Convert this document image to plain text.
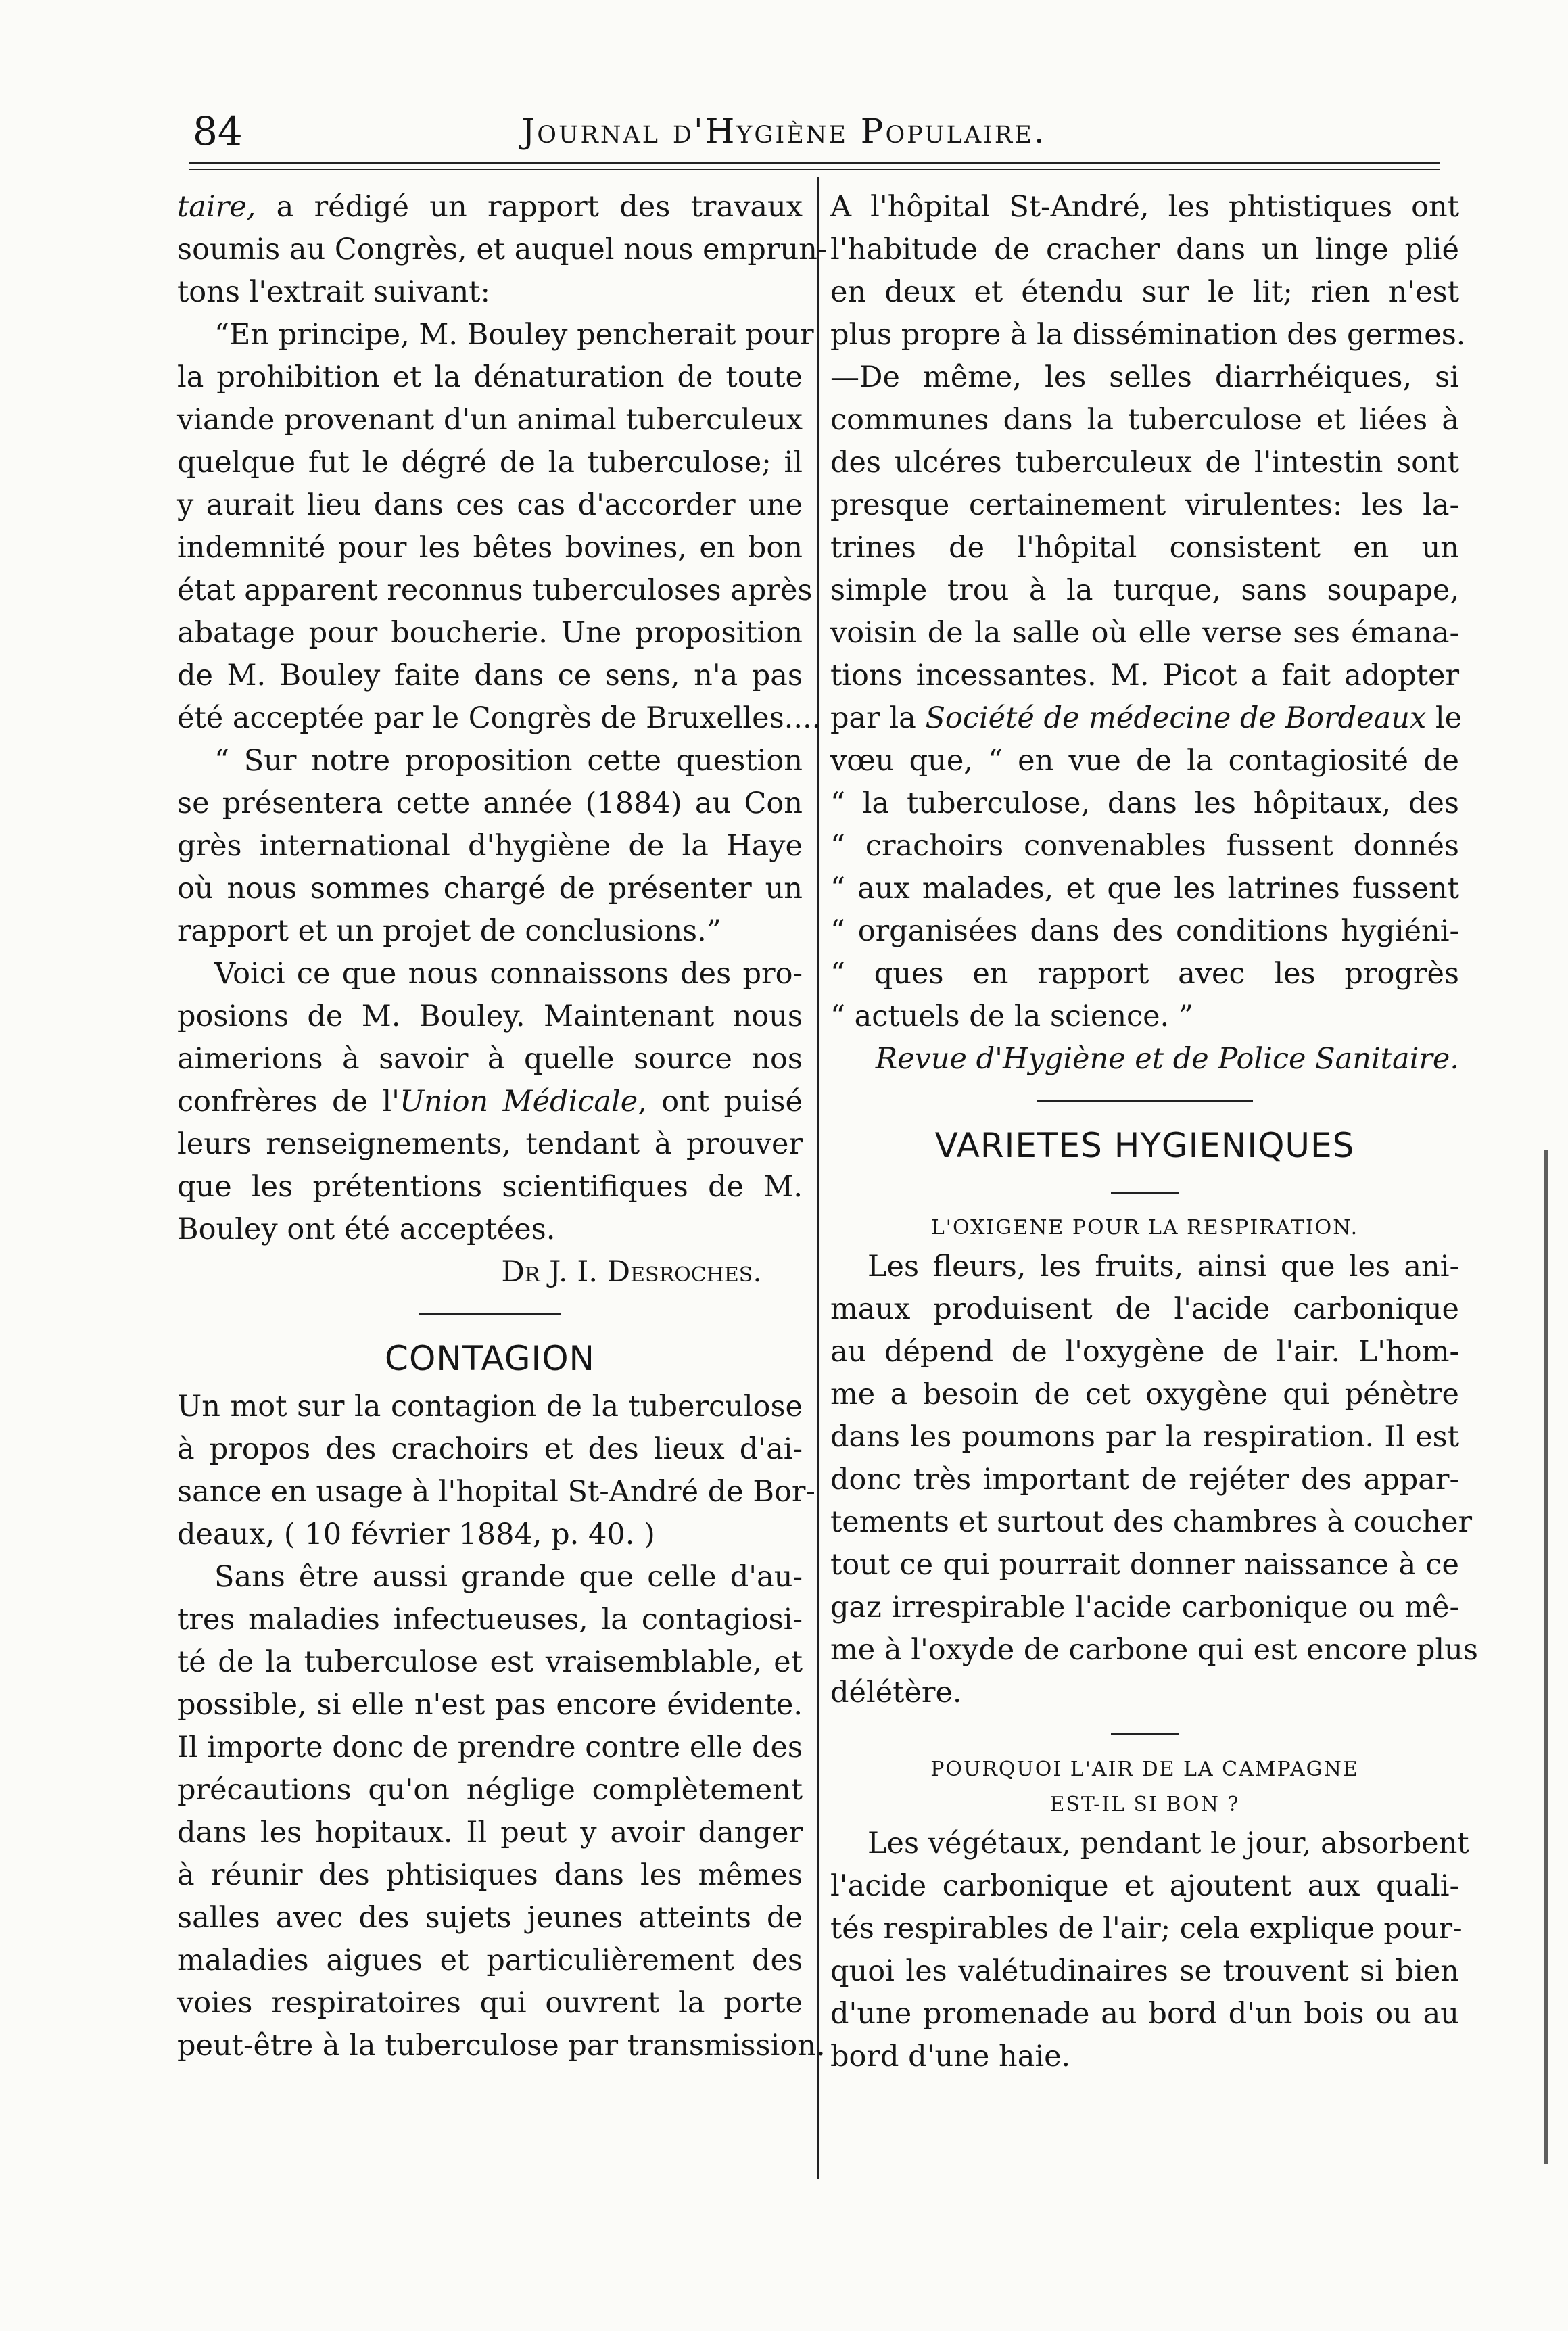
84	Journal d'Hygiène Populaire.
taire, a rédigé un rapport des travaux
soumis au Congrès, et auquel nous emprun-
tons l'extrait suivant:
“En principe, M. Bouley pencherait pour
la prohibition et la dénaturation de toute
viande provenant d'un animal tuberculeux
quelque fut le dégré de la tuberculose; il
y aurait lieu dans ces cas d'accorder une
indemnité pour les bêtes bovines, en bon
état apparent reconnus tuberculoses après
abatage pour boucherie. Une proposition
de M. Bouley faite dans ce sens, n'a pas
été acceptée par le Congrès de Bruxelles....
“ Sur notre proposition cette question
se présentera cette année (1884) au Con
grès international d'hygiène de la Haye
où nous sommes chargé de présenter un
rapport et un projet de conclusions.”
Voici ce que nous connaissons des pro-
posions de M. Bouley. Maintenant nous
aimerions à savoir à quelle source nos
confrères de l'Union Médicale, ont puisé
leurs renseignements, tendant à prouver
que les prétentions scientifiques de M.
Bouley ont été acceptées.
Dr J. I. Desroches.
CONTAGION
Un mot sur la contagion de la tuberculose
à propos des crachoirs et des lieux d'ai-
sance en usage à l'hopital St-André de Bor-
deaux, ( 10 février 1884, p. 40. )
Sans être aussi grande que celle d'au-
tres maladies infectueuses, la contagiosi-
té de la tuberculose est vraisemblable, et
possible, si elle n'est pas encore évidente.
Il importe donc de prendre contre elle des
précautions qu'on néglige complètement
dans les hopitaux. Il peut y avoir danger
à réunir des phtisiques dans les mêmes
salles avec des sujets jeunes atteints de
maladies aigues et particulièrement des
voies respiratoires qui ouvrent la porte
peut-être à la tuberculose par transmission.
A l'hôpital St-André, les phtistiques ont
l'habitude de cracher dans un linge plié
en deux et étendu sur le lit; rien n'est
plus propre à la dissémination des germes.
—De même, les selles diarrhéiques, si
communes dans la tuberculose et liées à
des ulcéres tuberculeux de l'intestin sont
presque certainement virulentes: les la-
trines de l'hôpital consistent en un
simple trou à la turque, sans soupape,
voisin de la salle où elle verse ses émana-
tions incessantes. M. Picot a fait adopter
par la Société de médecine de Bordeaux le
vœu que, “ en vue de la contagiosité de
“ la tuberculose, dans les hôpitaux, des
“ crachoirs convenables fussent donnés
“ aux malades, et que les latrines fussent
“ organisées dans des conditions hygiéni-
“ ques en rapport avec les progrès
“ actuels de la science. ”
Revue d'Hygiène et de Police Sanitaire.
VARIETES HYGIENIQUES
L'OXIGENE POUR LA RESPIRATION.
Les fleurs, les fruits, ainsi que les ani-
maux produisent de l'acide carbonique
au dépend de l'oxygène de l'air. L'hom-
me a besoin de cet oxygène qui pénètre
dans les poumons par la respiration. Il est
donc très important de rejéter des appar-
tements et surtout des chambres à coucher
tout ce qui pourrait donner naissance à ce
gaz irrespirable l'acide carbonique ou mê-
me à l'oxyde de carbone qui est encore plus
délétère.
POURQUOI L'AIR DE LA CAMPAGNE
EST-IL SI BON ?
Les végétaux, pendant le jour, absorbent
l'acide carbonique et ajoutent aux quali-
tés respirables de l'air; cela explique pour-
quoi les valétudinaires se trouvent si bien
d'une promenade au bord d'un bois ou au
bord d'une haie.
